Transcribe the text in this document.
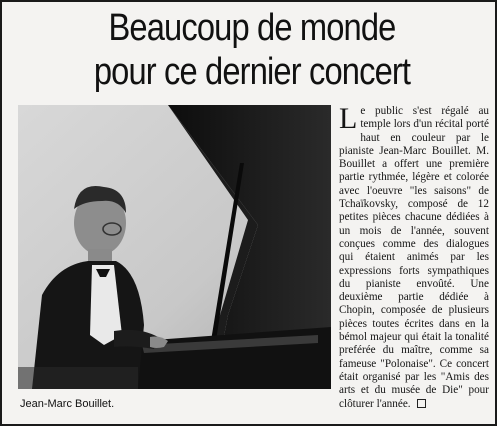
Beaucoup de monde
pour ce dernier concert
Jean-Marc Bouillet.
L e public s'est régalé au temple lors d'un récital porté haut en couleur par le pianiste Jean-Marc Bouillet. M. Bouillet a offert une première partie rythmée, légère et colorée avec l'oeuvre "les saisons" de Tchaïkovsky, composé de 12 petites pièces chacune dédiées à un mois de l'année, souvent conçues comme des dialogues qui étaient animés par les expressions forts sympathiques du pianiste envoûté. Une deuxième partie dédiée à Chopin, composée de plusieurs pièces toutes écrites dans en la bémol majeur qui était la tonalité preférée du maître, comme sa fameuse "Polonaise". Ce concert était organisé par les "Amis des arts et du musée de Die" pour clôturer l'année.
